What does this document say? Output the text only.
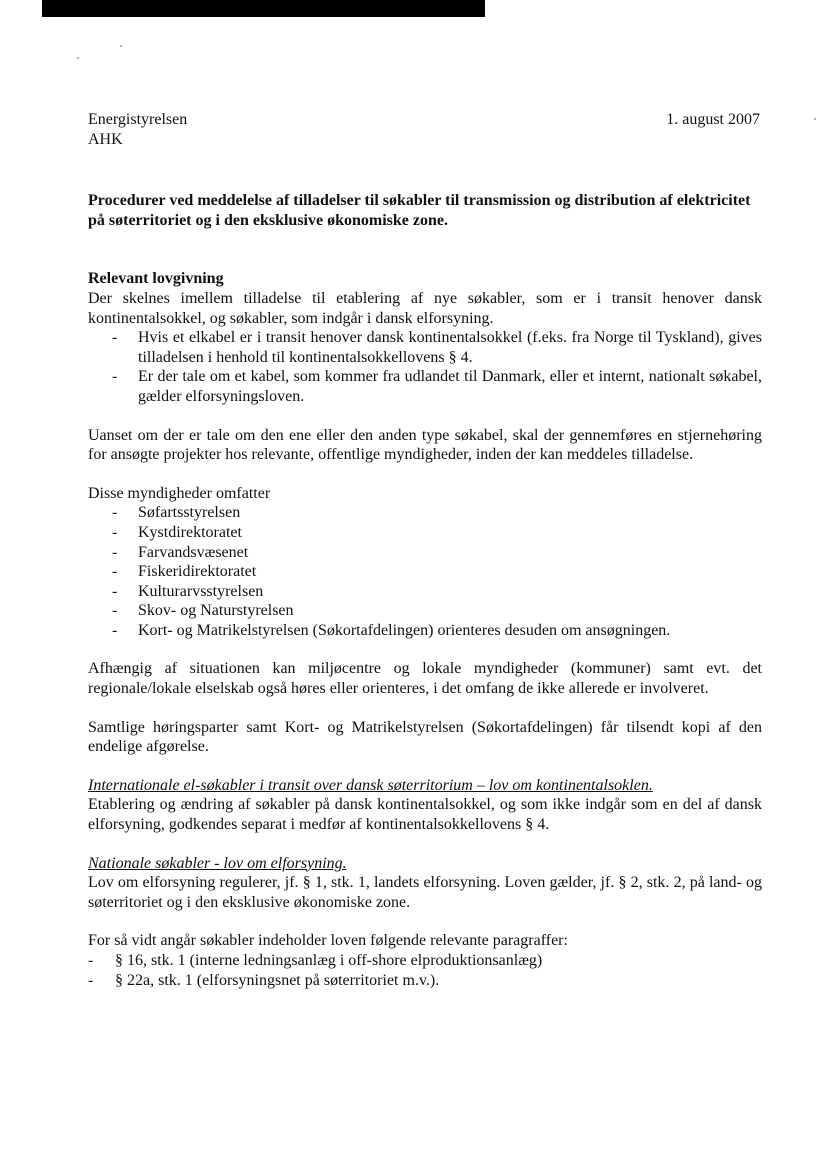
Energistyrelsen
AHK
1. august 2007
Procedurer ved meddelelse af tilladelser til søkabler til transmission og distribution af elektricitet på søterritoriet og i den eksklusive økonomiske zone.
Relevant lovgivning

Der skelnes imellem tilladelse til etablering af nye søkabler, som er i transit henover dansk kontinentalsokkel, og søkabler, som indgår i dansk elforsyning.

- Hvis et elkabel er i transit henover dansk kontinentalsokkel (f.eks. fra Norge til Tyskland), gives tilladelsen i henhold til kontinentalsokkellovens § 4.
- Er der tale om et kabel, som kommer fra udlandet til Danmark, eller et internt, nationalt søkabel, gælder elforsyningsloven.

Uanset om der er tale om den ene eller den anden type søkabel, skal der gennemføres en stjernehøring for ansøgte projekter hos relevante, offentlige myndigheder, inden der kan meddeles tilladelse.

Disse myndigheder omfatter

- Søfartsstyrelsen
- Kystdirektoratet
- Farvandsvæsenet
- Fiskeridirektoratet
- Kulturarvsstyrelsen
- Skov- og Naturstyrelsen
- Kort- og Matrikelstyrelsen (Søkortafdelingen) orienteres desuden om ansøgningen.

Afhængig af situationen kan miljøcentre og lokale myndigheder (kommuner) samt evt. det regionale/lokale elselskab også høres eller orienteres, i det omfang de ikke allerede er involveret.

Samtlige høringsparter samt Kort- og Matrikelstyrelsen (Søkortafdelingen) får tilsendt kopi af den endelige afgørelse.

Internationale el-søkabler i transit over dansk søterritorium – lov om kontinentalsoklen.

Etablering og ændring af søkabler på dansk kontinentalsokkel, og som ikke indgår som en del af dansk elforsyning, godkendes separat i medfør af kontinentalsokkellovens § 4.

Nationale søkabler - lov om elforsyning.

Lov om elforsyning regulerer, jf. § 1, stk. 1, landets elforsyning. Loven gælder, jf. § 2, stk. 2, på land- og søterritoriet og i den eksklusive økonomiske zone.

For så vidt angår søkabler indeholder loven følgende relevante paragraffer:

- § 16, stk. 1 (interne ledningsanlæg i off-shore elproduktionsanlæg)
- § 22a, stk. 1 (elforsyningsnet på søterritoriet m.v.).
